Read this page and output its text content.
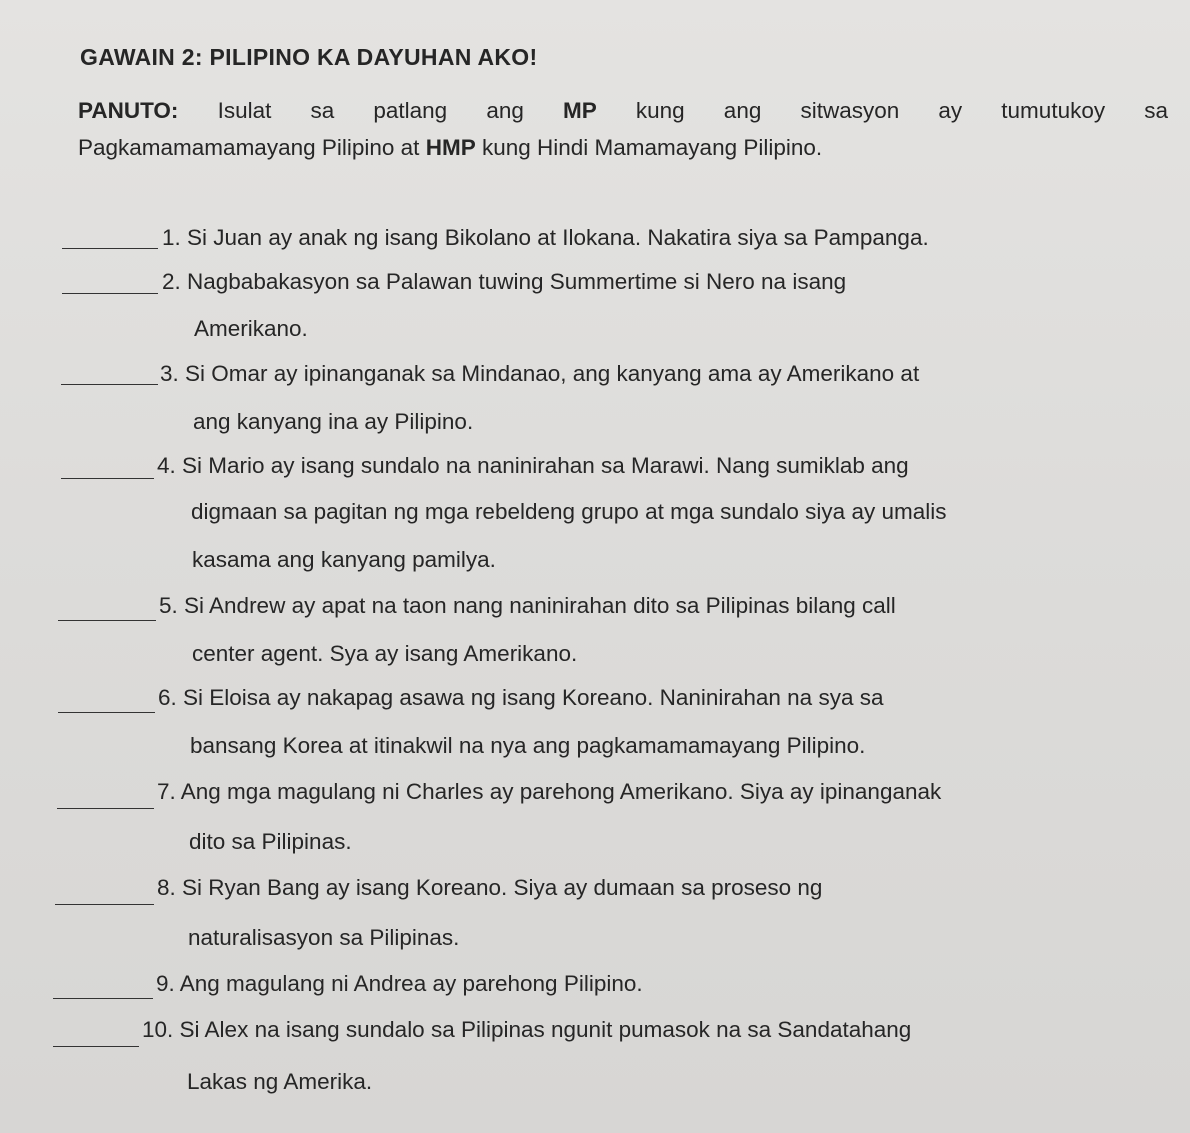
GAWAIN 2: PILIPINO KA DAYUHAN AKO!
PANUTO: Isulat sa patlang ang MP kung ang sitwasyon ay tumutukoy sa
Pagkamamamamayang Pilipino at HMP kung Hindi Mamamayang Pilipino.
1. Si Juan ay anak ng isang Bikolano at Ilokana. Nakatira siya sa Pampanga.
2. Nagbabakasyon sa Palawan tuwing Summertime si Nero na isang
Amerikano.
3. Si Omar ay ipinanganak sa Mindanao, ang kanyang ama ay Amerikano at
ang kanyang ina ay Pilipino.
4. Si Mario ay isang sundalo na naninirahan sa Marawi. Nang sumiklab ang
digmaan sa pagitan ng mga rebeldeng grupo at mga sundalo siya ay umalis
kasama ang kanyang pamilya.
5. Si Andrew ay apat na taon nang naninirahan dito sa Pilipinas bilang call
center agent. Sya ay isang Amerikano.
6. Si Eloisa ay nakapag asawa ng isang Koreano. Naninirahan na sya sa
bansang Korea at itinakwil na nya ang pagkamamamayang Pilipino.
7. Ang mga magulang ni Charles ay parehong Amerikano. Siya ay ipinanganak
dito sa Pilipinas.
8. Si Ryan Bang ay isang Koreano. Siya ay dumaan sa proseso ng
naturalisasyon sa Pilipinas.
9. Ang magulang ni Andrea ay parehong Pilipino.
10. Si Alex na isang sundalo sa Pilipinas ngunit pumasok na sa Sandatahang
Lakas ng Amerika.
